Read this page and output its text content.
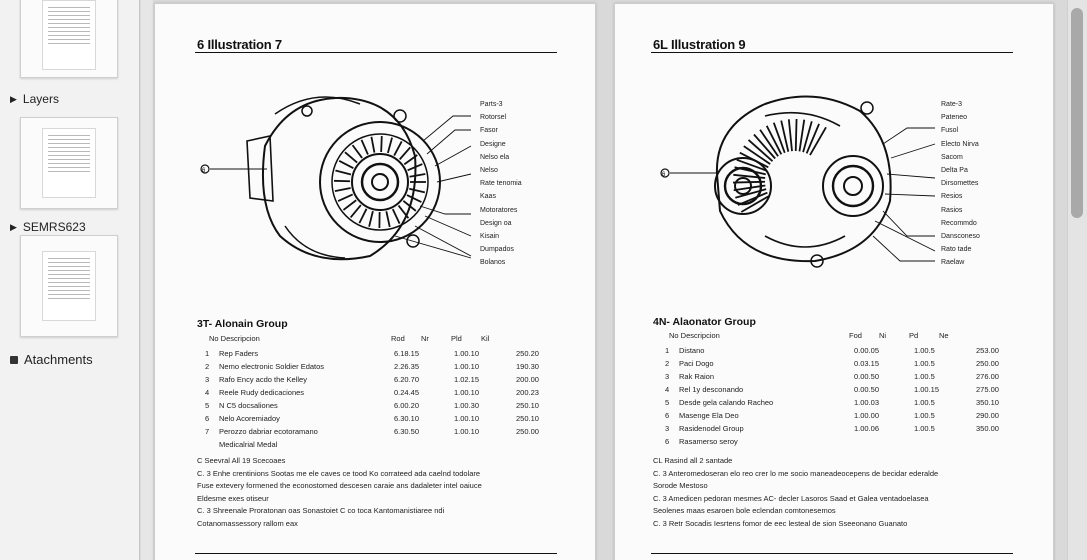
▶ Layers
▶ SEMRS623
Atachments
6 Illustration 7
6
Parts-3
Rotorsel
Fasor
Designe
Nelso ela
Nelso
Rate tenomia
Kaas
Motoratores
Design oa
Kisain
Dumpados
Bolanos
3T- Alonain Group
No Descripcion	Rod	Nr	Pld	Kil
1	Rep Faders	6.18.15	1.00.10	250.20
2	Nemo electronic Soldier Edatos	2.26.35	1.00.10	190.30
3	Rafo Ency acdo the Kelley	6.20.70	1.02.15	200.00
4	Reele Rudy dedicaciones	0.24.45	1.00.10	200.23
5	N C5 docsaliones	6.00.20	1.00.30	250.10
6	Nelo Acoremiadoy	6.30.10	1.00.10	250.10
7	Perozzo dabriar ecotoramano	6.30.50	1.00.10	250.00
Medicalrial Medal
C Seevral All 19 Scecoaes
C. 3 Enhe crentinions Sootas me ele caves ce tood Ko corrateed ada caelnd todolare
Fuse extevery formened the econostomed descesen caraie ans dadaleter intel oaiuce
Eldesme exes otiseur
C. 3 Shreenale Proratonan oas Sonastoiet C co toca Kantomanistiaree ndi
Cotanomassessory rallom eax
6L Illustration 9
6
Rate-3
Pateneo
Fusol
Electo Nirva
Sacom
Delta Pa
Dirsomettes
Resios
Rasios
Recommdo
Dansconeso
Rato tade
Raelaw
4N- Alaonator Group
No Descripcion	Fod	Ni	Pd	Ne
1	Distano	0.00.05	1.00.5	253.00
2	Paci Dogo	0.03.15	1.00.5	250.00
3	Rak Raion	0.00.50	1.00.5	276.00
4	Rel 1y desconando	0.00.50	1.00.15	275.00
5	Desde gela calando Racheo	1.00.03	1.00.5	350.10
6	Masenge Ela Deo	1.00.00	1.00.5	290.00
3	Rasidenodel Group	1.00.06	1.00.5	350.00
6	Rasamerso seroy
CL Rasind all 2 santade
C. 3 Anteromedoseran elo reo crer lo me socio maneadeocepens de becidar ederalde
Sorode Mestoso
C. 3 Amedicen pedoran mesmes AC- decler Lasoros Saad et Galea ventadoelasea
Seolenes maas esaroen bole eclendan comtonesemos
C. 3 Retr Socadis Iesrtens fomor de eec lesteal de sion Sseeonano Guanato
